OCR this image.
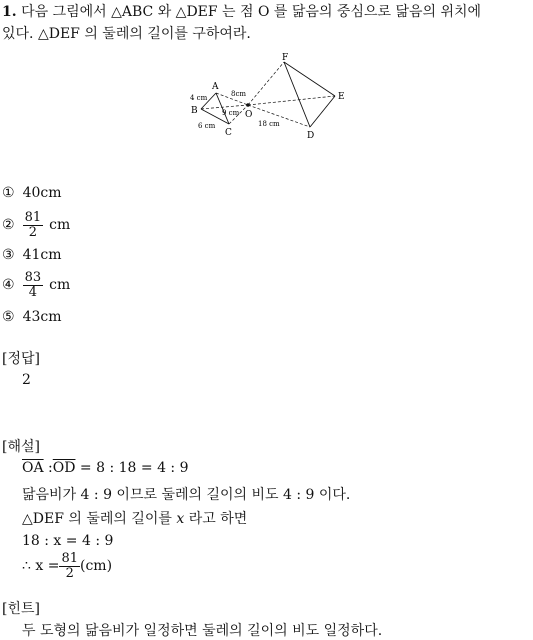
1. 다음 그림에서 △ABC 와 △DEF 는 점 O 를 닮음의 중심으로 닮음의 위치에
있다. △DEF 의 둘레의 길이를 구하여라.
A
B
C
O
F
E
D
4 cm	8cm
9 cm
6 cm	18 cm
① 40cm
② $\frac{81}{2}$ cm
③ 41cm
④ $\frac{83}{4}$ cm
⑤ 43cm
[정답]
2
[해설]
$\overline{OA}$ $:\overline{OD} = 8$ : 18 = 4 : 9
닮음비가 4 : 9 이므로 둘레의 길이의 비도 4 : 9 이다.
△DEF 의 둘레의 길이를 x 라고 하면
18 : x = 4 : 9
∴ $x = \frac{81}{2} (cm)$
[힌트]
두 도형의 닮음비가 일정하면 둘레의 길이의 비도 일정하다.
